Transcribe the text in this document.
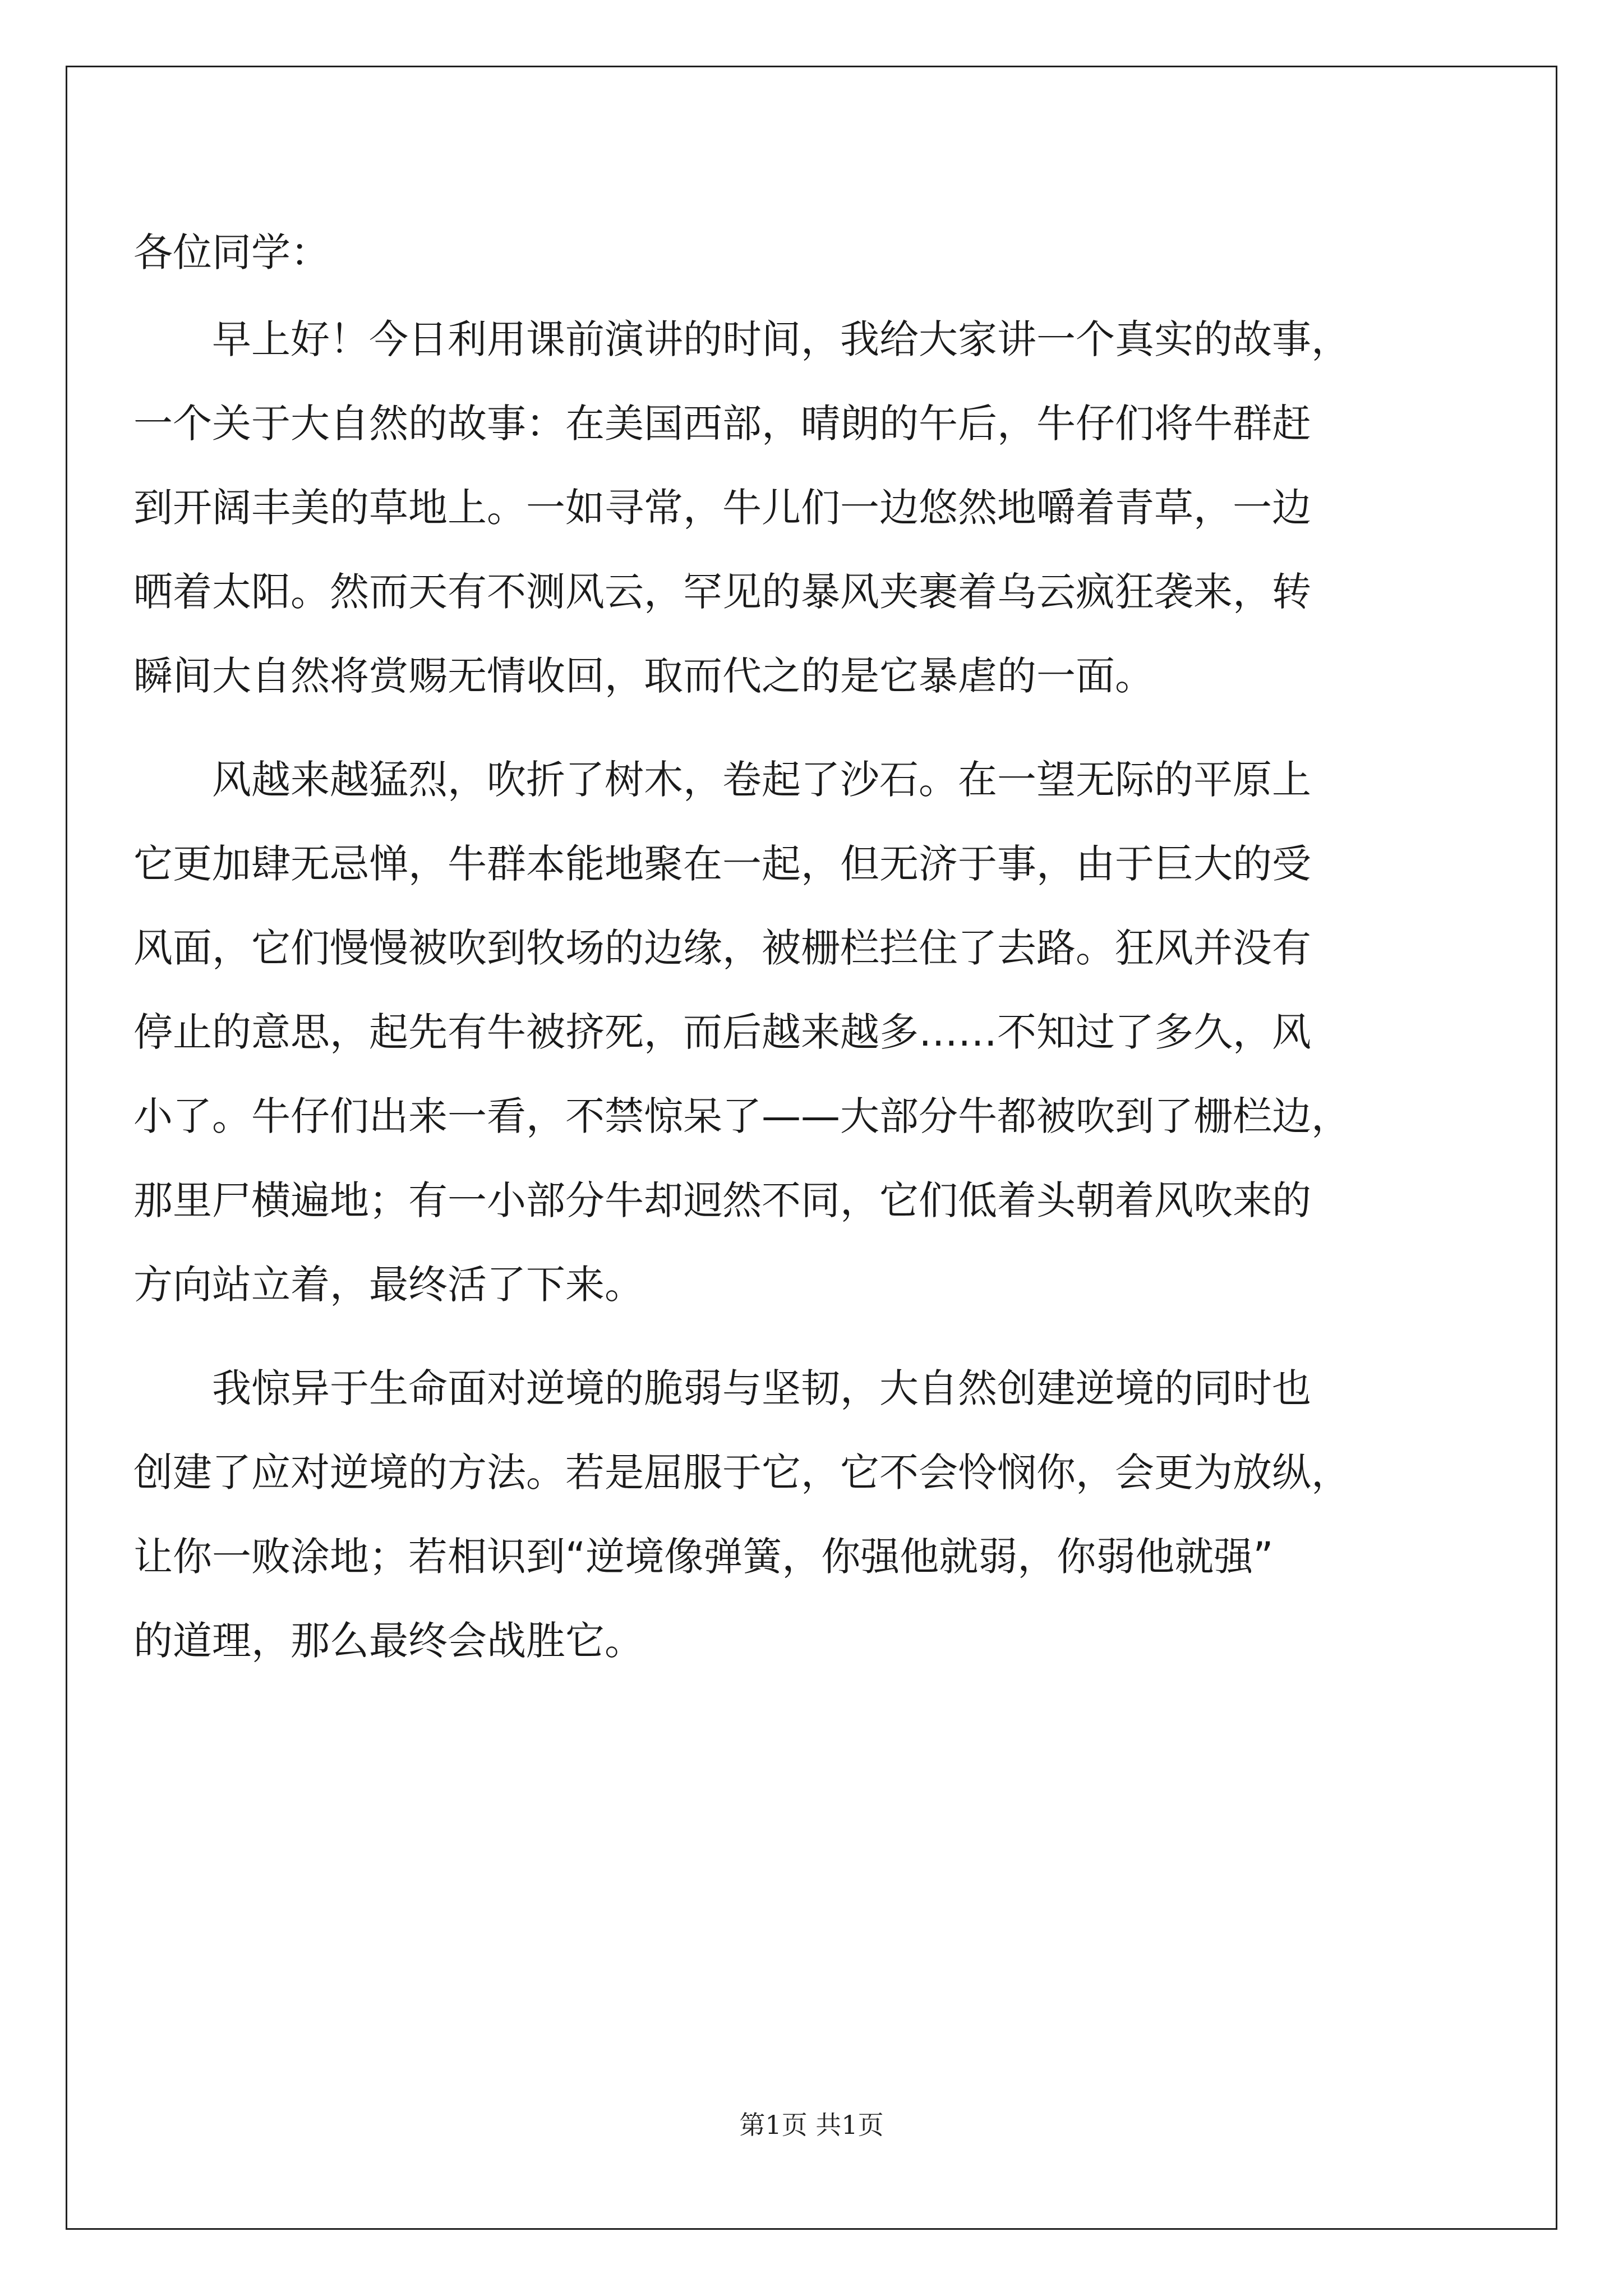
各位同学：
早上好！今日利用课前演讲的时间，我给大家讲一个真实的故事，
一个关于大自然的故事：在美国西部，晴朗的午后，牛仔们将牛群赶
到开阔丰美的草地上。一如寻常，牛儿们一边悠然地嚼着青草，一边
晒着太阳。然而天有不测风云，罕见的暴风夹裹着乌云疯狂袭来，转
瞬间大自然将赏赐无情收回，取而代之的是它暴虐的一面。
风越来越猛烈，吹折了树木，卷起了沙石。在一望无际的平原上
它更加肆无忌惮，牛群本能地聚在一起，但无济于事，由于巨大的受
风面，它们慢慢被吹到牧场的边缘，被栅栏拦住了去路。狂风并没有
停止的意思，起先有牛被挤死，而后越来越多……不知过了多久，风
小了。牛仔们出来一看，不禁惊呆了——大部分牛都被吹到了栅栏边，
那里尸横遍地；有一小部分牛却迥然不同，它们低着头朝着风吹来的
方向站立着，最终活了下来。
我惊异于生命面对逆境的脆弱与坚韧，大自然创建逆境的同时也
创建了应对逆境的方法。若是屈服于它，它不会怜悯你，会更为放纵，
让你一败涂地；若相识到“逆境像弹簧，你强他就弱，你弱他就强”
的道理，那么最终会战胜它。
第1页 共1页
